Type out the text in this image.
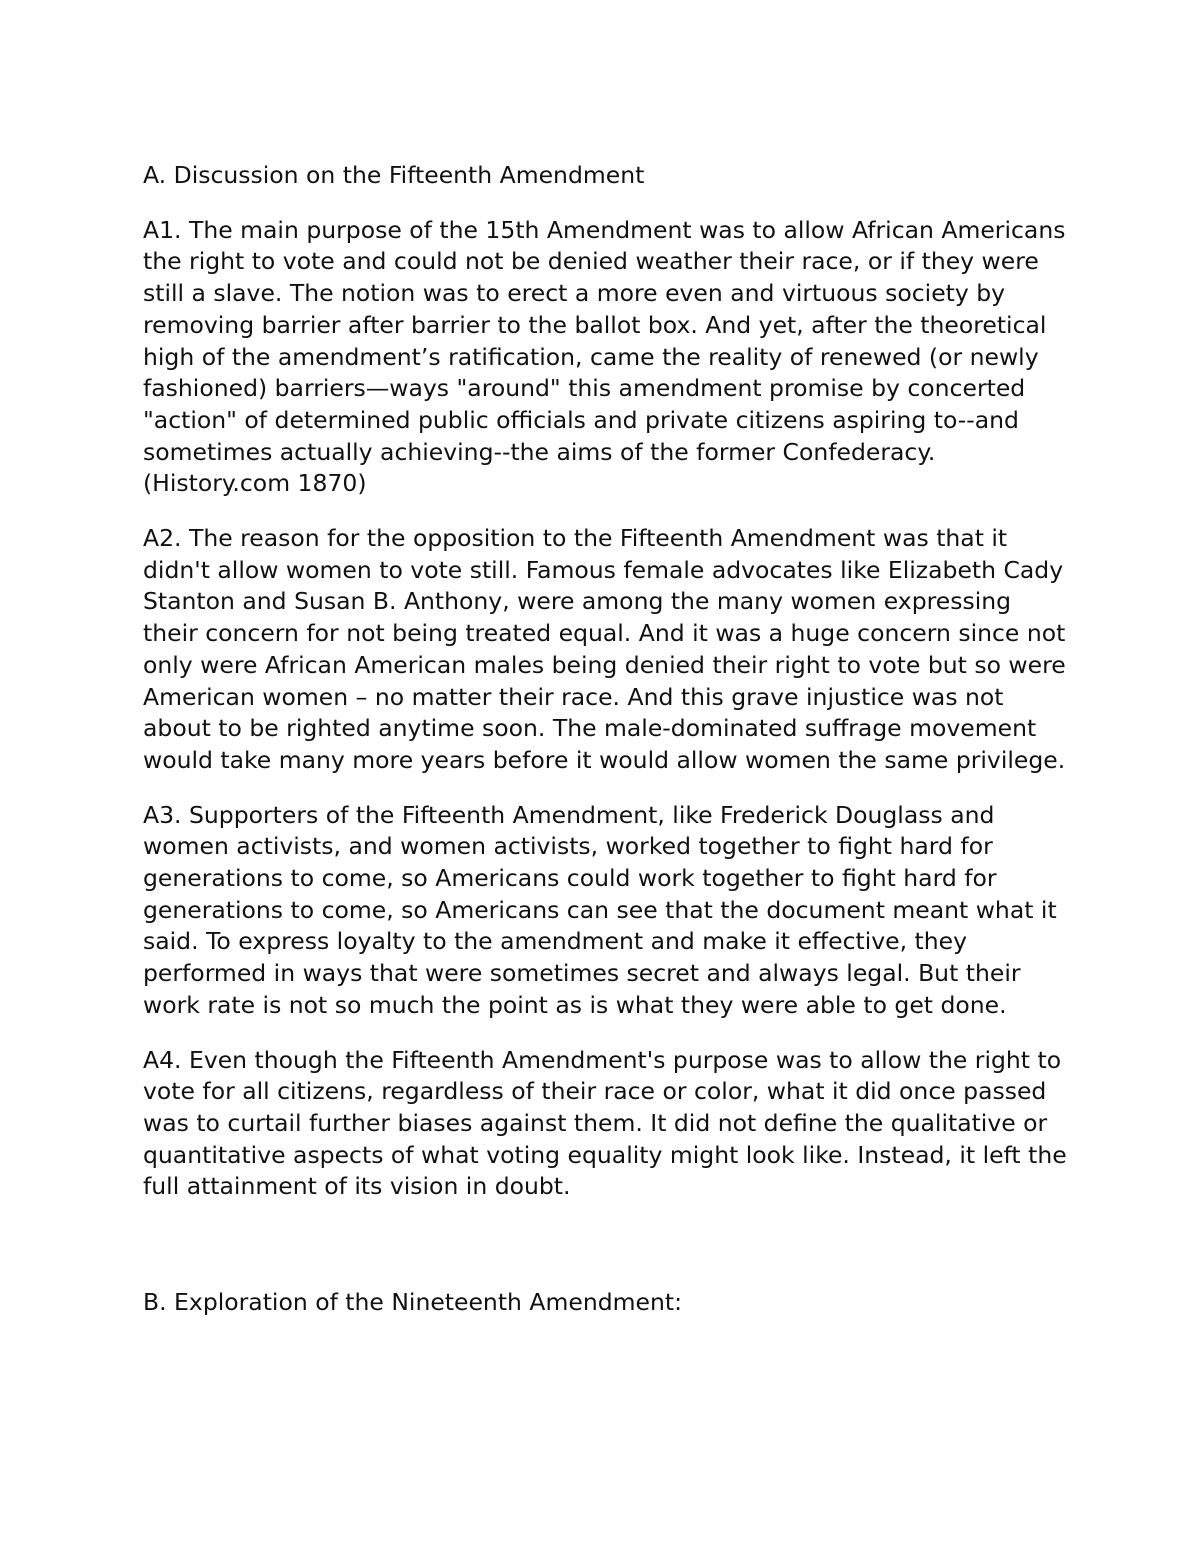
A. Discussion on the Fifteenth Amendment

A1. The main purpose of the 15th Amendment was to allow African Americans the right to vote and could not be denied weather their race, or if they were still a slave. The notion was to erect a more even and virtuous society by removing barrier after barrier to the ballot box. And yet, after the theoretical high of the amendment’s ratification, came the reality of renewed (or newly fashioned) barriers—ways "around" this amendment promise by concerted "action" of determined public officials and private citizens aspiring to--and sometimes actually achieving--the aims of the former Confederacy. (History.com 1870)

A2. The reason for the opposition to the Fifteenth Amendment was that it didn't allow women to vote still. Famous female advocates like Elizabeth Cady Stanton and Susan B. Anthony, were among the many women expressing their concern for not being treated equal. And it was a huge concern since not only were African American males being denied their right to vote but so were American women – no matter their race. And this grave injustice was not about to be righted anytime soon. The male-dominated suffrage movement would take many more years before it would allow women the same privilege.

A3. Supporters of the Fifteenth Amendment, like Frederick Douglass and women activists, and women activists, worked together to fight hard for generations to come, so Americans could work together to fight hard for generations to come, so Americans can see that the document meant what it said. To express loyalty to the amendment and make it effective, they performed in ways that were sometimes secret and always legal. But their work rate is not so much the point as is what they were able to get done.

A4. Even though the Fifteenth Amendment's purpose was to allow the right to vote for all citizens, regardless of their race or color, what it did once passed was to curtail further biases against them. It did not define the qualitative or quantitative aspects of what voting equality might look like. Instead, it left the full attainment of its vision in doubt.

B. Exploration of the Nineteenth Amendment:
